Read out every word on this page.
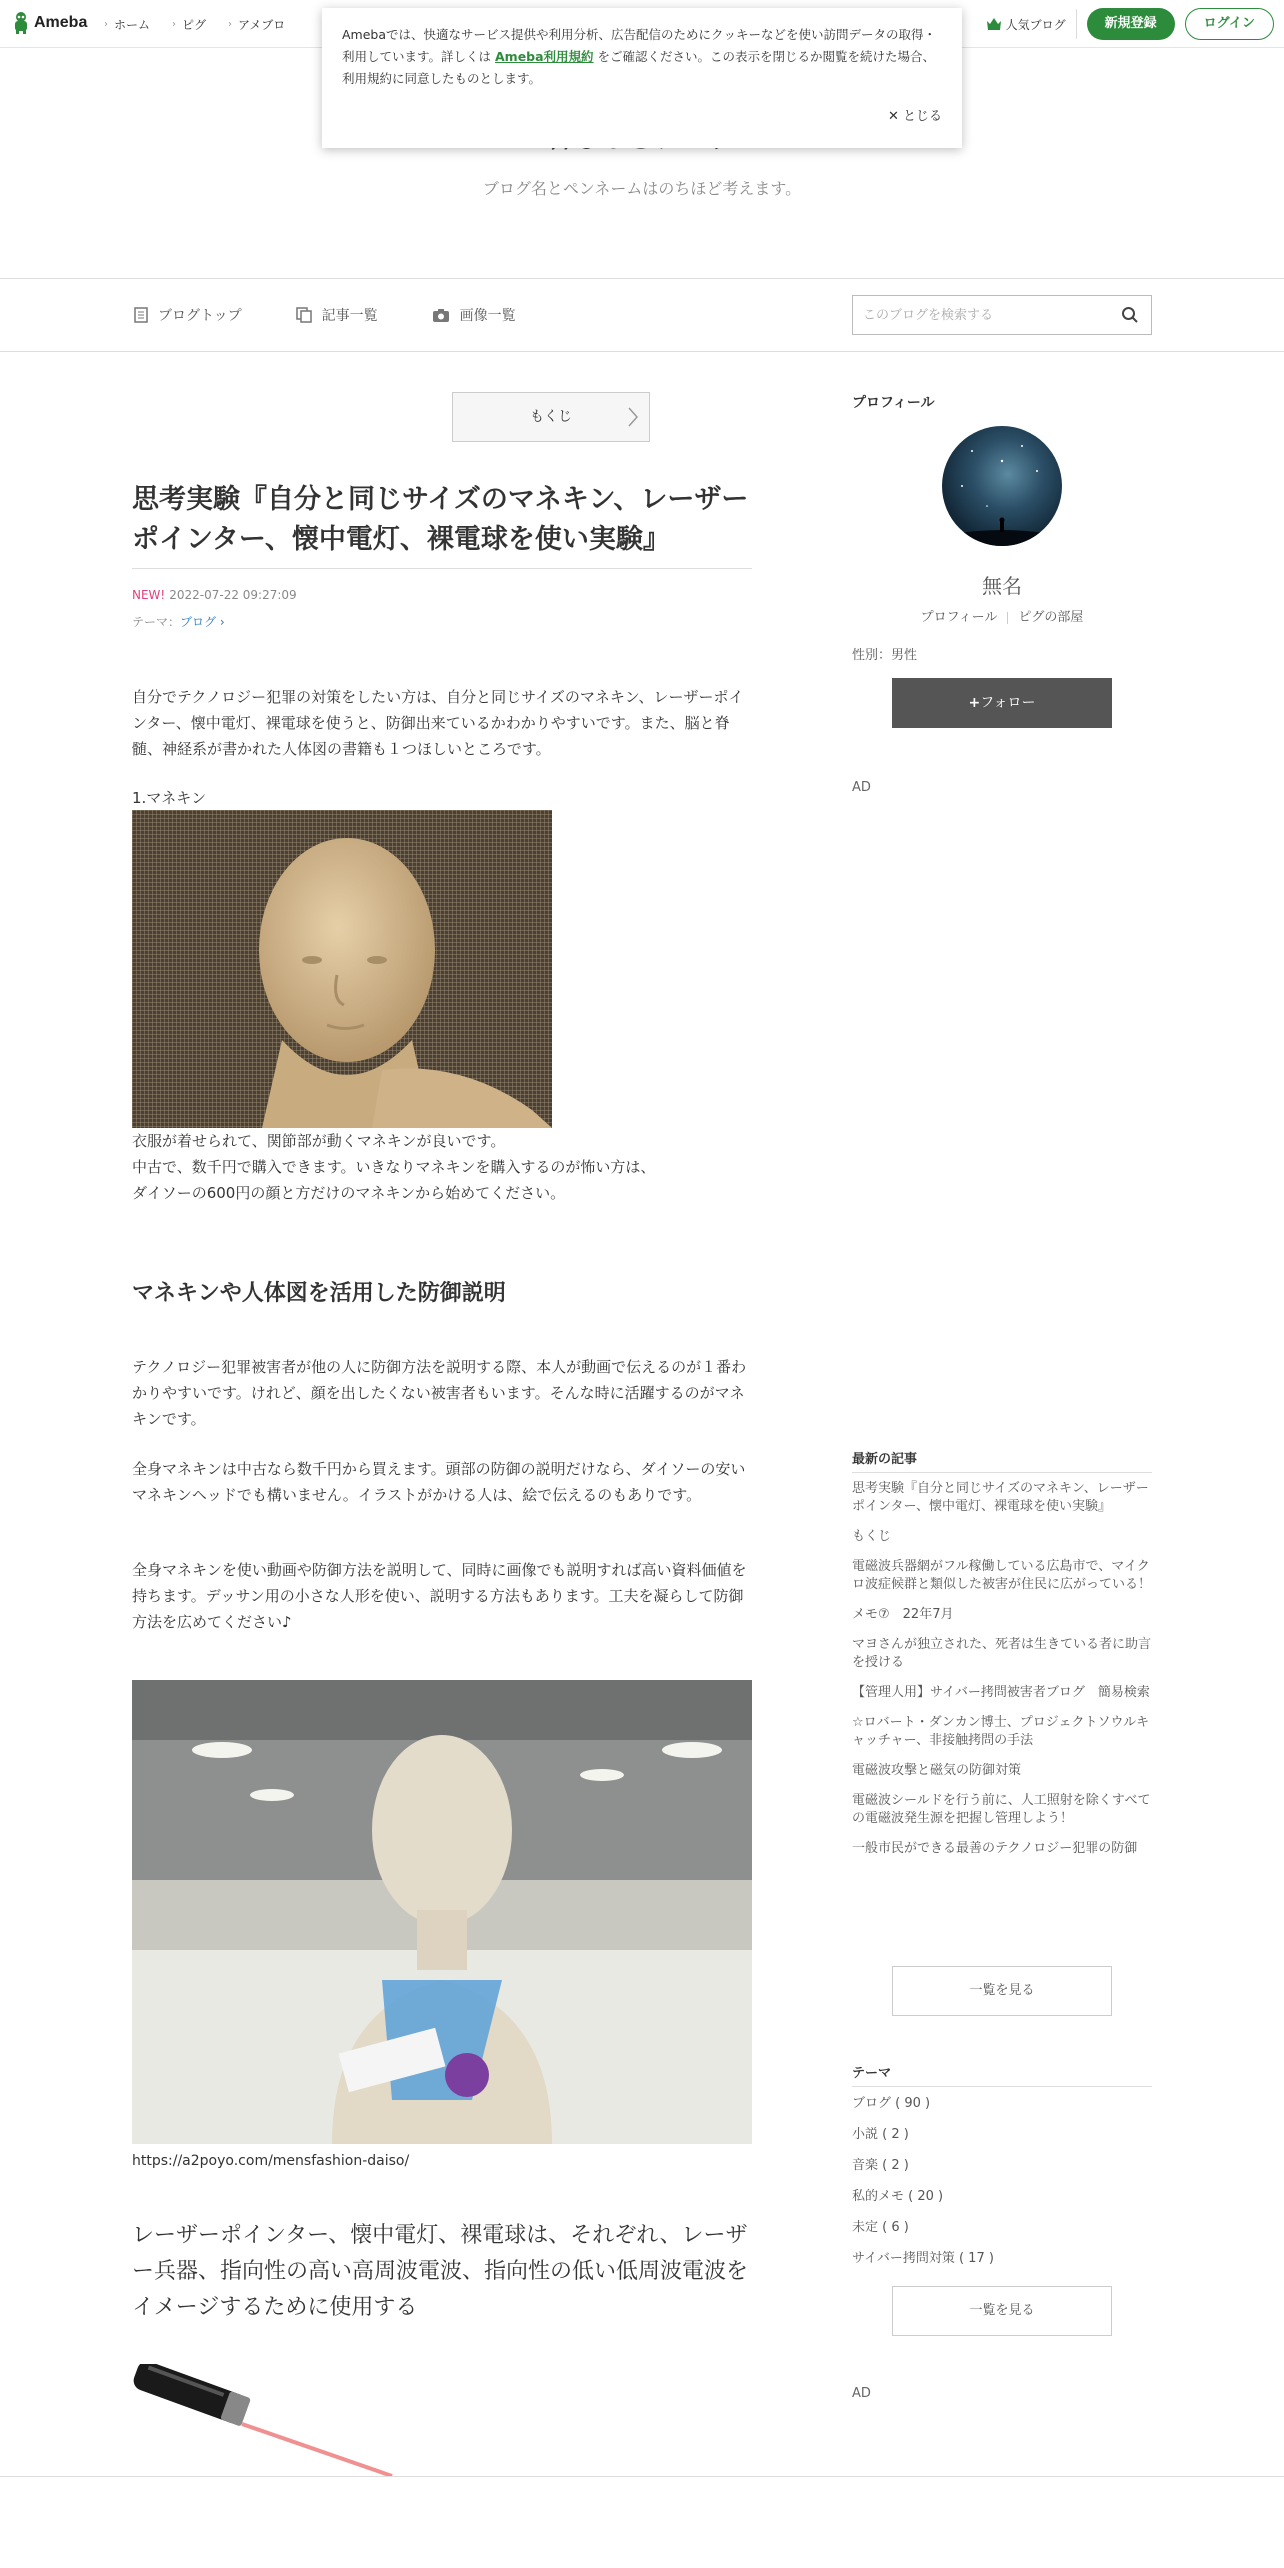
Ameba › ホーム › ピグ › アメブロ	人気ブログ	新規登録	ログイン
ブログ名とペンネームはのちほど考えます。
Amebaでは、快適なサービス提供や利用分析、広告配信のためにクッキーなどを使い訪問データの取得・利用しています。詳しくは Ameba利用規約 をご確認ください。この表示を閉じるか閲覧を続けた場合、利用規約に同意したものとします。
✕ とじる
ブログトップ	記事一覧	画像一覧
このブログを検索する
もくじ
思考実験『自分と同じサイズのマネキン、レーザーポインター、懐中電灯、裸電球を使い実験』
NEW! 2022-07-22 09:27:09
テーマ：ブログ ›
自分でテクノロジー犯罪の対策をしたい方は、自分と同じサイズのマネキン、レーザーポインター、懐中電灯、裸電球を使うと、防御出来ているかわかりやすいです。また、脳と脊髄、神経系が書かれた人体図の書籍も１つほしいところです。
1.マネキン
衣服が着せられて、関節部が動くマネキンが良いです。
中古で、数千円で購入できます。いきなりマネキンを購入するのが怖い方は、
ダイソーの600円の顔と方だけのマネキンから始めてください。
マネキンや人体図を活用した防御説明
テクノロジー犯罪被害者が他の人に防御方法を説明する際、本人が動画で伝えるのが１番わかりやすいです。けれど、顔を出したくない被害者もいます。そんな時に活躍するのがマネキンです。
全身マネキンは中古なら数千円から買えます。頭部の防御の説明だけなら、ダイソーの安いマネキンヘッドでも構いません。イラストがかける人は、絵で伝えるのもありです。
全身マネキンを使い動画や防御方法を説明して、同時に画像でも説明すれば高い資料価値を持ちます。デッサン用の小さな人形を使い、説明する方法もあります。工夫を凝らして防御方法を広めてください♪
https://a2poyo.com/mensfashion-daiso/
レーザーポインター、懐中電灯、裸電球は、それぞれ、レーザー兵器、指向性の高い高周波電波、指向性の低い低周波電波をイメージするために使用する
プロフィール
無名
プロフィール ピグの部屋
性別：男性
+フォロー
AD
最新の記事
思考実験『自分と同じサイズのマネキン、レーザーポインター、懐中電灯、裸電球を使い実験』
もくじ
電磁波兵器網がフル稼働している広島市で、マイクロ波症候群と類似した被害が住民に広がっている！
メモ⑦　22年7月
マヨさんが独立された、死者は生きている者に助言を授ける
【管理人用】サイバー拷問被害者ブログ　簡易検索
☆ロバート・ダンカン博士、プロジェクトソウルキャッチャー、非接触拷問の手法
電磁波攻撃と磁気の防御対策
電磁波シールドを行う前に、人工照射を除くすべての電磁波発生源を把握し管理しよう！
一般市民ができる最善のテクノロジー犯罪の防御
一覧を見る
テーマ
ブログ ( 90 )
小説 ( 2 )
音楽 ( 2 )
私的メモ ( 20 )
未定 ( 6 )
サイバー拷問対策 ( 17 )
一覧を見る
AD
